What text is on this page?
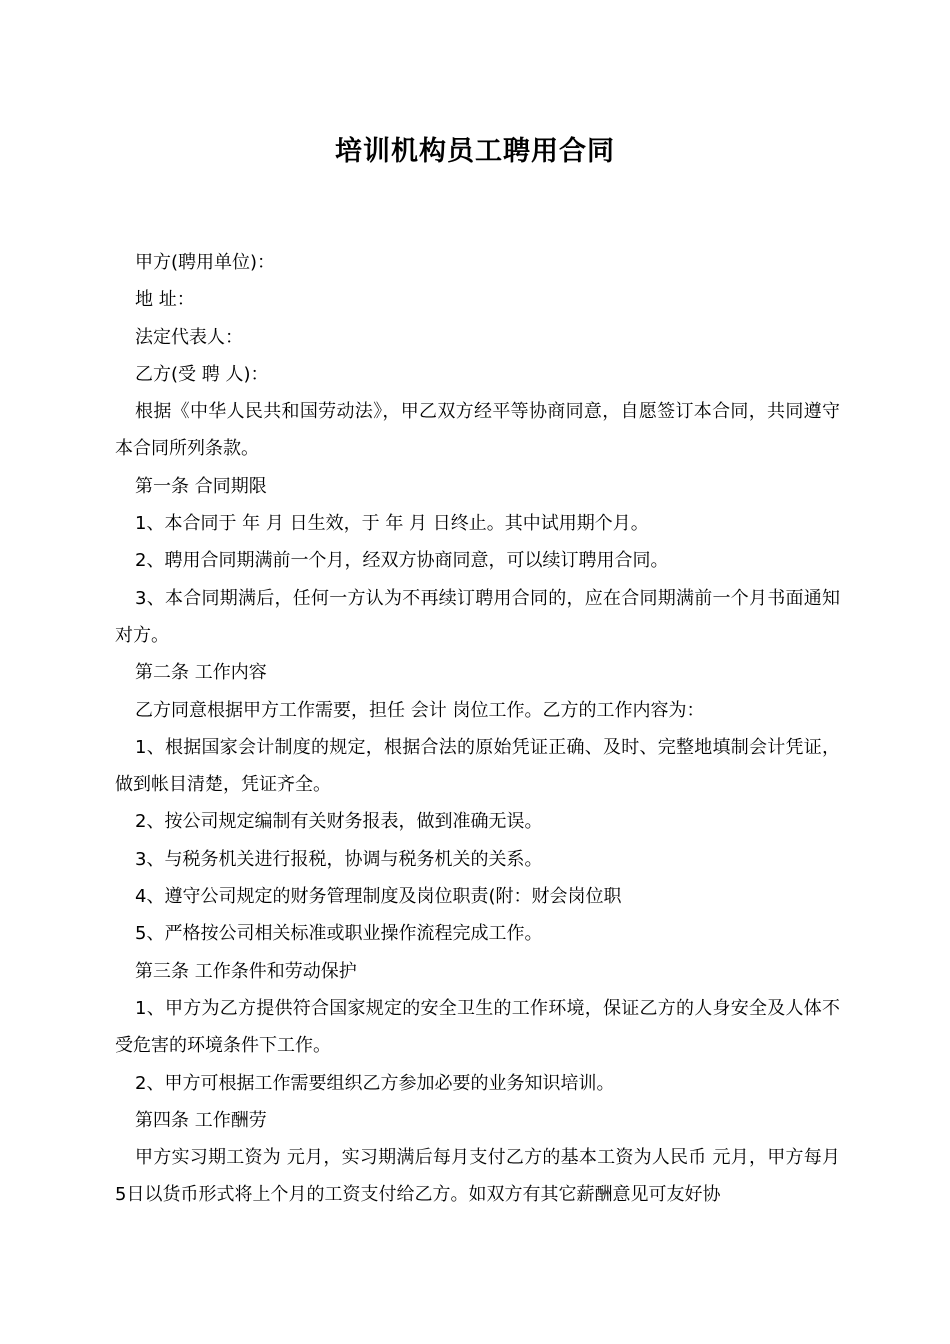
培训机构员工聘用合同

甲方(聘用单位)：

地 址：

法定代表人：

乙方(受 聘 人)：

根据《中华人民共和国劳动法》，甲乙双方经平等协商同意，自愿签订本合同，共同遵守本合同所列条款。

第一条 合同期限

1、本合同于 年 月 日生效，于 年 月 日终止。其中试用期个月。

2、聘用合同期满前一个月，经双方协商同意，可以续订聘用合同。

3、本合同期满后，任何一方认为不再续订聘用合同的，应在合同期满前一个月书面通知对方。

第二条 工作内容

乙方同意根据甲方工作需要，担任 会计 岗位工作。乙方的工作内容为：

1、根据国家会计制度的规定，根据合法的原始凭证正确、及时、完整地填制会计凭证，做到帐目清楚，凭证齐全。

2、按公司规定编制有关财务报表，做到准确无误。

3、与税务机关进行报税，协调与税务机关的关系。

4、遵守公司规定的财务管理制度及岗位职责(附：财会岗位职

5、严格按公司相关标准或职业操作流程完成工作。

第三条 工作条件和劳动保护

1、甲方为乙方提供符合国家规定的安全卫生的工作环境，保证乙方的人身安全及人体不受危害的环境条件下工作。

2、甲方可根据工作需要组织乙方参加必要的业务知识培训。

第四条 工作酬劳

甲方实习期工资为 元月，实习期满后每月支付乙方的基本工资为人民币 元月，甲方每月 5日以货币形式将上个月的工资支付给乙方。如双方有其它薪酬意见可友好协
